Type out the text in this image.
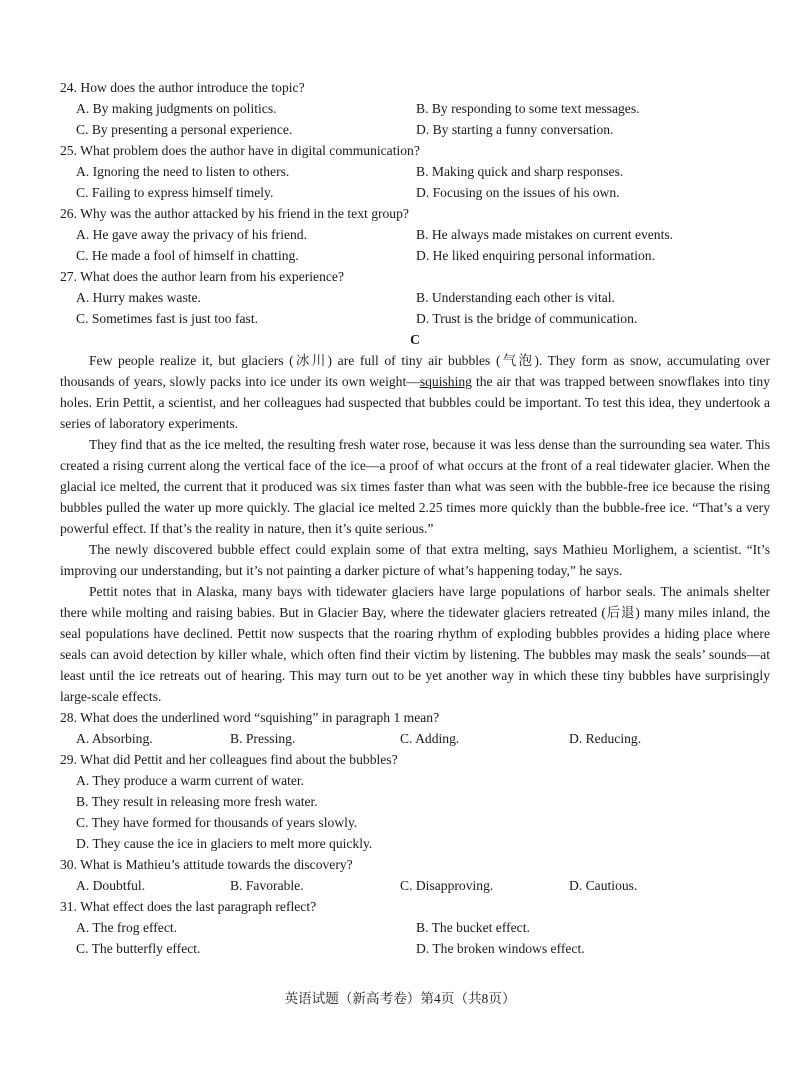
24. How does the author introduce the topic?
A. By making judgments on politics.	B. By responding to some text messages.
C. By presenting a personal experience.	D. By starting a funny conversation.
25. What problem does the author have in digital communication?
A. Ignoring the need to listen to others.	B. Making quick and sharp responses.
C. Failing to express himself timely.	D. Focusing on the issues of his own.
26. Why was the author attacked by his friend in the text group?
A. He gave away the privacy of his friend.	B. He always made mistakes on current events.
C. He made a fool of himself in chatting.	D. He liked enquiring personal information.
27. What does the author learn from his experience?
A. Hurry makes waste.	B. Understanding each other is vital.
C. Sometimes fast is just too fast.	D. Trust is the bridge of communication.
C

Few people realize it, but glaciers (冰川) are full of tiny air bubbles (气泡). They form as snow, accumulating over thousands of years, slowly packs into ice under its own weight—squishing the air that was trapped between snowflakes into tiny holes. Erin Pettit, a scientist, and her colleagues had suspected that bubbles could be important. To test this idea, they undertook a series of laboratory experiments.

They find that as the ice melted, the resulting fresh water rose, because it was less dense than the surrounding sea water. This created a rising current along the vertical face of the ice—a proof of what occurs at the front of a real tidewater glacier. When the glacial ice melted, the current that it produced was six times faster than what was seen with the bubble-free ice because the rising bubbles pulled the water up more quickly. The glacial ice melted 2.25 times more quickly than the bubble-free ice. “That’s a very powerful effect. If that’s the reality in nature, then it’s quite serious.”

The newly discovered bubble effect could explain some of that extra melting, says Mathieu Morlighem, a scientist. “It’s improving our understanding, but it’s not painting a darker picture of what’s happening today,” he says.

Pettit notes that in Alaska, many bays with tidewater glaciers have large populations of harbor seals. The animals shelter there while molting and raising babies. But in Glacier Bay, where the tidewater glaciers retreated (后退) many miles inland, the seal populations have declined. Pettit now suspects that the roaring rhythm of exploding bubbles provides a hiding place where seals can avoid detection by killer whale, which often find their victim by listening. The bubbles may mask the seals’ sounds—at least until the ice retreats out of hearing. This may turn out to be yet another way in which these tiny bubbles have surprisingly large-scale effects.

28. What does the underlined word “squishing” in paragraph 1 mean?
A. Absorbing.	B. Pressing.	C. Adding.	D. Reducing.
29. What did Pettit and her colleagues find about the bubbles?
A. They produce a warm current of water.
B. They result in releasing more fresh water.
C. They have formed for thousands of years slowly.
D. They cause the ice in glaciers to melt more quickly.
30. What is Mathieu’s attitude towards the discovery?
A. Doubtful.	B. Favorable.	C. Disapproving.	D. Cautious.
31. What effect does the last paragraph reflect?
A. The frog effect.	B. The bucket effect.
C. The butterfly effect.	D. The broken windows effect.
英语试题（新高考卷）第4页（共8页）
